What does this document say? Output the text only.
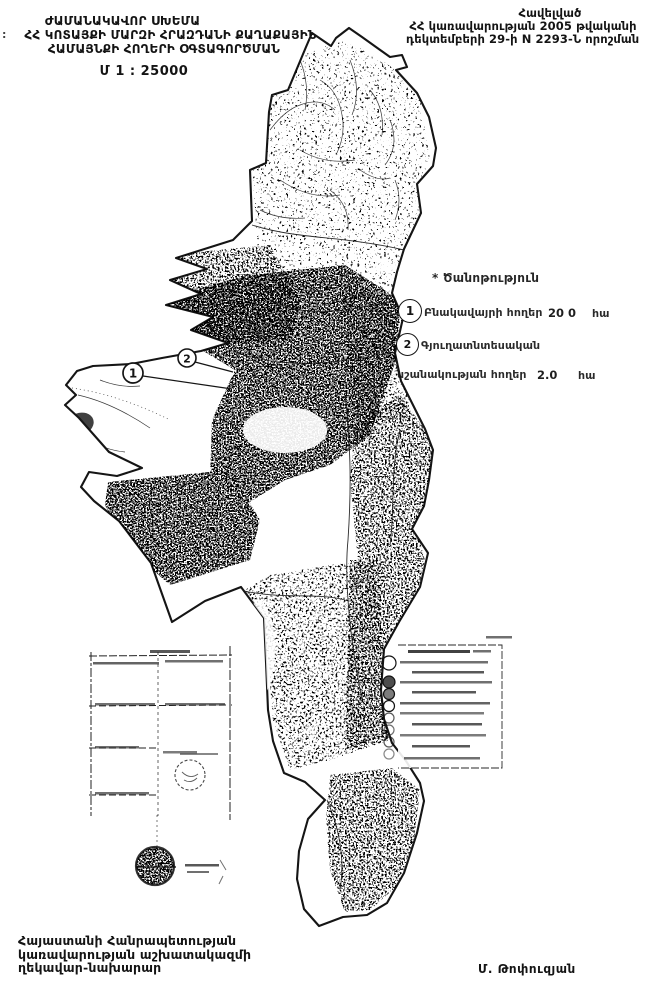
1
2
ԺԱՄԱՆԱԿԱՎՈՐ ՍԽԵՄԱ
ՀՀ ԿՈՏԱՅՔԻ ՄԱՐԶԻ ՀՐԱԶԴԱՆԻ ՔԱՂԱՔԱՅԻՆ
ՀԱՄԱՅՆՔԻ ՀՈՂԵՐԻ ՕԳՏԱԳՈՐԾՄԱՆ
Մ 1 : 25000
:
Հավելված
ՀՀ կառավարության 2005 թվականի
դեկտեմբերի 29-ի N 2293-Ն որոշման
* Ծանոթություն
1 Բնակավայրի հողեր 20 0 հա
2 Գյուղատնտեսական
նշանակության հողեր 2.0 հա
Հայաստանի Հանրապետության
կառավարության աշխատակազմի
ղեկավար-նախարար	Մ. Թոփուզյան
